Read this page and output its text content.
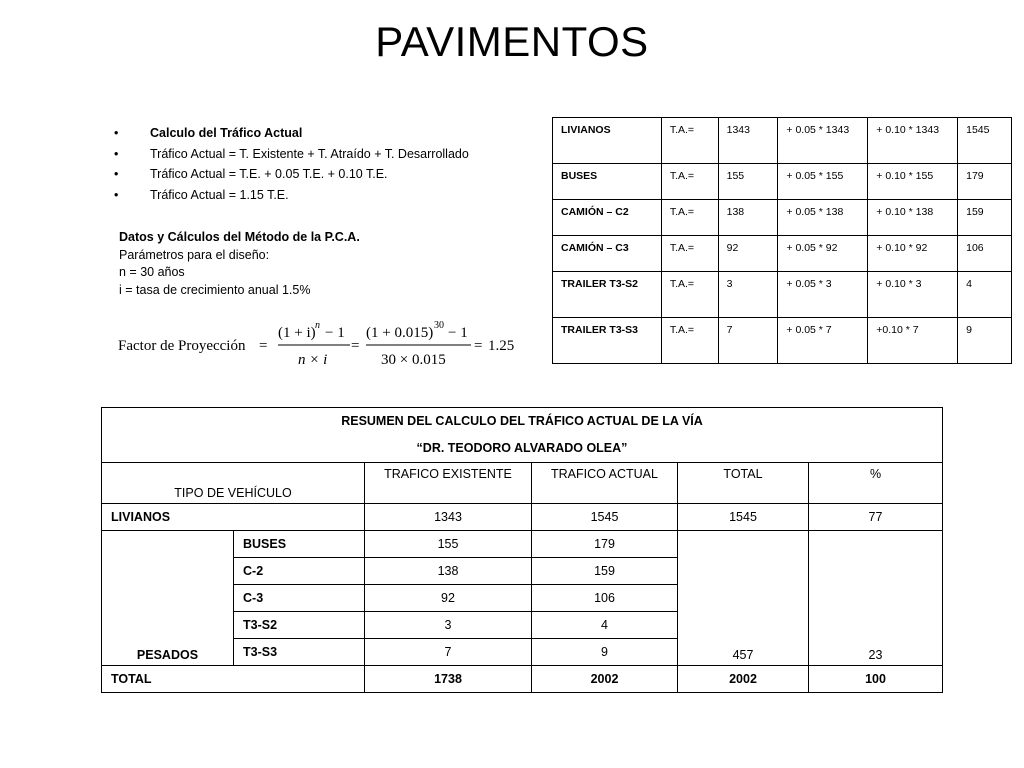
PAVIMENTOS
•	Calculo del Tráfico Actual
•	Tráfico Actual = T. Existente + T. Atraído + T. Desarrollado
•	Tráfico Actual = T.E. + 0.05 T.E. + 0.10 T.E.
•	Tráfico Actual = 1.15 T.E.
Datos y Cálculos del Método de la P.C.A.
Parámetros para el diseño:
n = 30 años
i = tasa de crecimiento anual 1.5%
Factor de Proyección =
(1 + i) n − 1
n × i
=
(1 + 0.015) 30 − 1
30 × 0.015
= 1.25
LIVIANOS	T.A.=	1343	+ 0.05 * 1343	+ 0.10 * 1343	1545
BUSES	T.A.=	155	+ 0.05 * 155	+ 0.10 * 155	179
CAMIÓN – C2	T.A.=	138	+ 0.05 * 138	+ 0.10 * 138	159
CAMIÓN – C3	T.A.=	92	+ 0.05 * 92	+ 0.10 * 92	106
TRAILER T3-S2	T.A.=	3	+ 0.05 * 3	+ 0.10 * 3	4
TRAILER T3-S3	T.A.=	7	+ 0.05 * 7	+0.10 * 7	9
RESUMEN DEL CALCULO DEL TRÁFICO ACTUAL DE LA VÍA
“DR. TEODORO ALVARADO OLEA”					

TIPO DE VEHÍCULO		TRAFICO EXISTENTE	TRAFICO ACTUAL	TOTAL	%
LIVIANOS		1343	1545	1545	77
PESADOS	BUSES	155	179	457	23
	C-2	138	159		
	C-3	92	106		
	T3-S2	3	4		
	T3-S3	7	9		
TOTAL		1738	2002	2002	100
